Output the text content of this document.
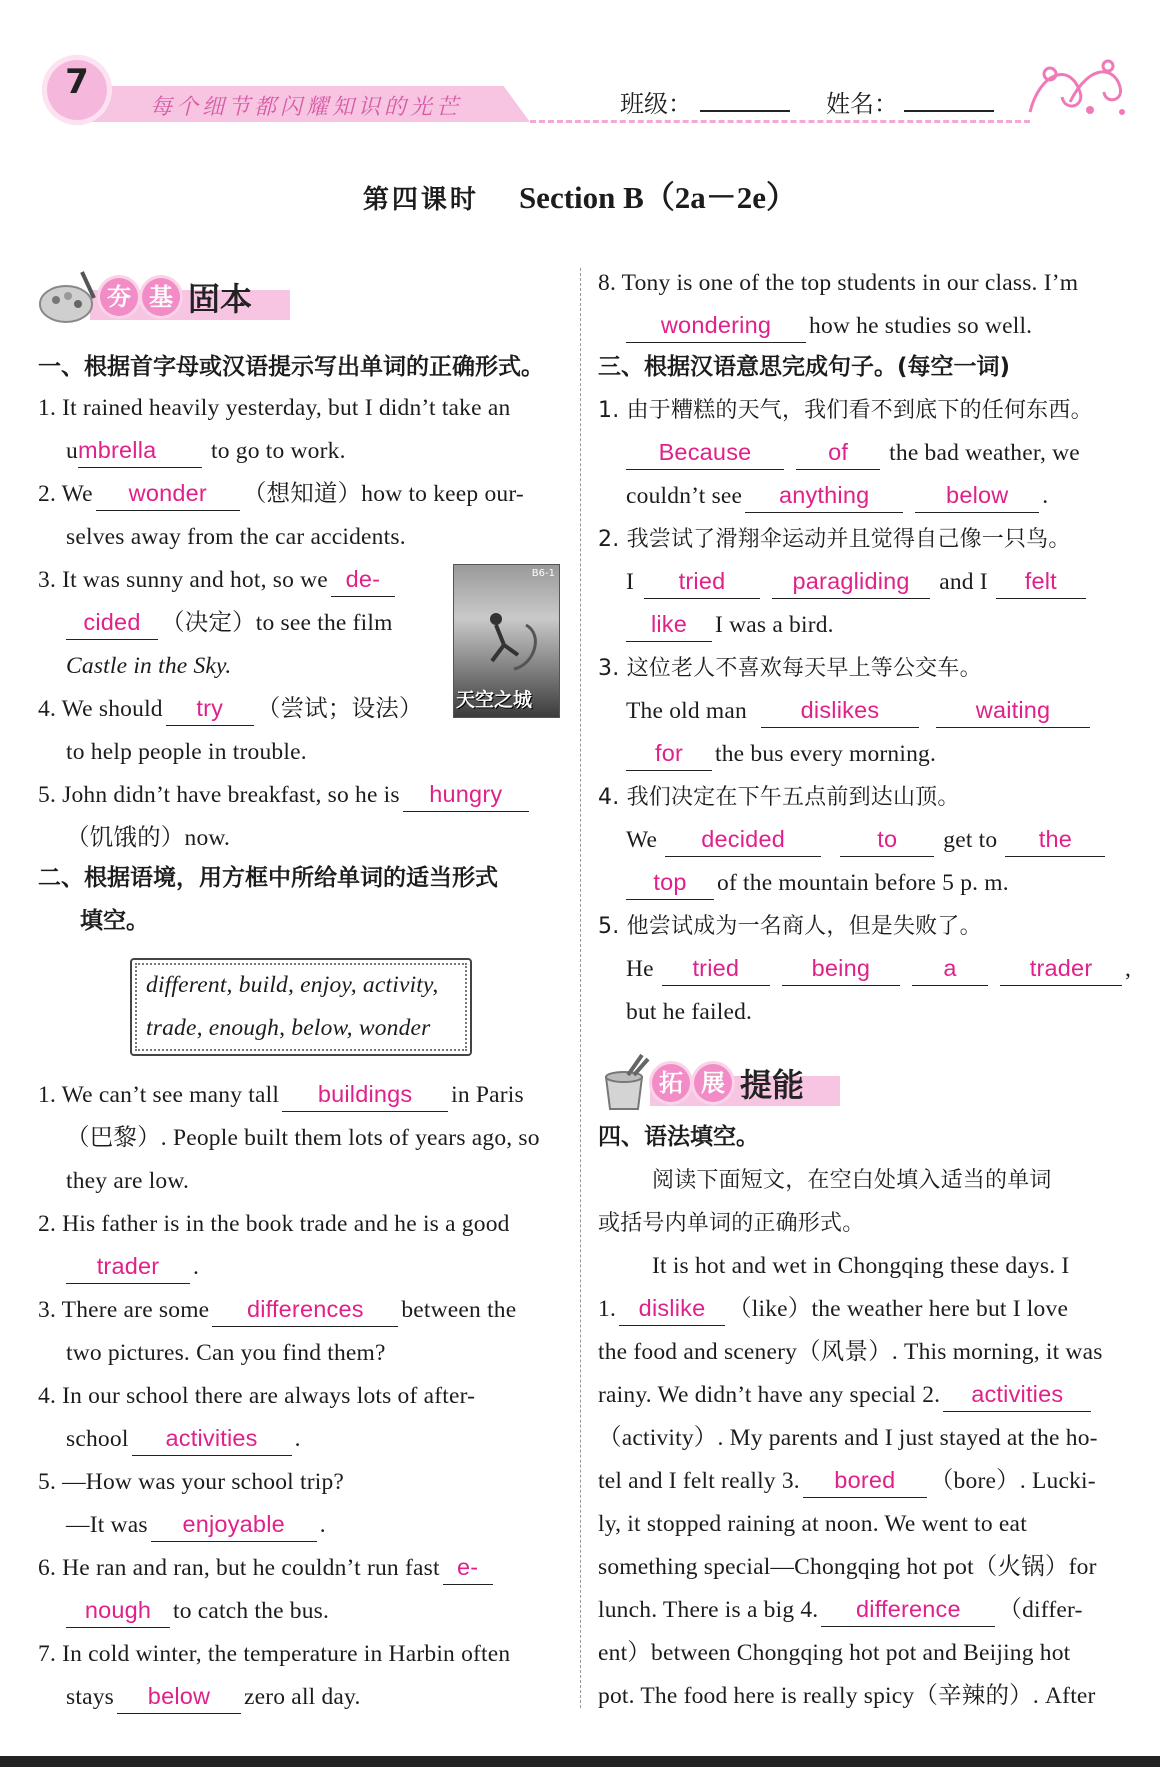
7
每个细节都闪耀知识的光芒	班级：	姓名：
第四课时 Section B（2a－2e）
夯 基 固本
一、根据首字母或汉语提示写出单词的正确形式。
1. It rained heavily yesterday, but I didn’t take an
umbrella to go to work.
2. We wonder （想知道）how to keep our-
selves away from the car accidents.
3. It was sunny and hot, so we de-
cided （决定）to see the film
Castle in the Sky.
4. We should try （尝试；设法）
to help people in trouble.
5. John didn’t have breakfast, so he is hungry
（饥饿的）now.
B6-1
天空之城
二、根据语境，用方框中所给单词的适当形式
填空。
different, build, enjoy, activity,
trade, enough, below, wonder
1. We can’t see many tall buildings in Paris
（巴黎）. People built them lots of years ago, so
they are low.
2. His father is in the book trade and he is a good
trader .
3. There are some differences between the
two pictures. Can you find them?
4. In our school there are always lots of after-
school activities .
5. —How was your school trip?
—It was enjoyable .
6. He ran and ran, but he couldn’t run fast e-
nough to catch the bus.
7. In cold winter, the temperature in Harbin often
stays below zero all day.
8. Tony is one of the top students in our class. I’m
wondering how he studies so well.
三、根据汉语意思完成句子。(每空一词)
1. 由于糟糕的天气，我们看不到底下的任何东西。
Because	of the bad weather, we
couldn’t see anything	below .
2. 我尝试了滑翔伞运动并且觉得自己像一只鸟。
I tried	paragliding and I felt
like I was a bird.
3. 这位老人不喜欢每天早上等公交车。
The old man dislikes	waiting
for the bus every morning.
4. 我们决定在下午五点前到达山顶。
We decided	to get to the
top of the mountain before 5 p. m.
5. 他尝试成为一名商人，但是失败了。
He tried	being	a	trader ,
but he failed.
拓 展 提能
四、语法填空。
阅读下面短文，在空白处填入适当的单词
或括号内单词的正确形式。
It is hot and wet in Chongqing these days. I
1. dislike （like）the weather here but I love
the food and scenery（风景）. This morning, it was
rainy. We didn’t have any special 2. activities
（activity）. My parents and I just stayed at the ho-
tel and I felt really 3. bored （bore）. Lucki-
ly, it stopped raining at noon. We went to eat
something special—Chongqing hot pot（火锅）for
lunch. There is a big 4. difference （differ-
ent）between Chongqing hot pot and Beijing hot
pot. The food here is really spicy（辛辣的）. After
